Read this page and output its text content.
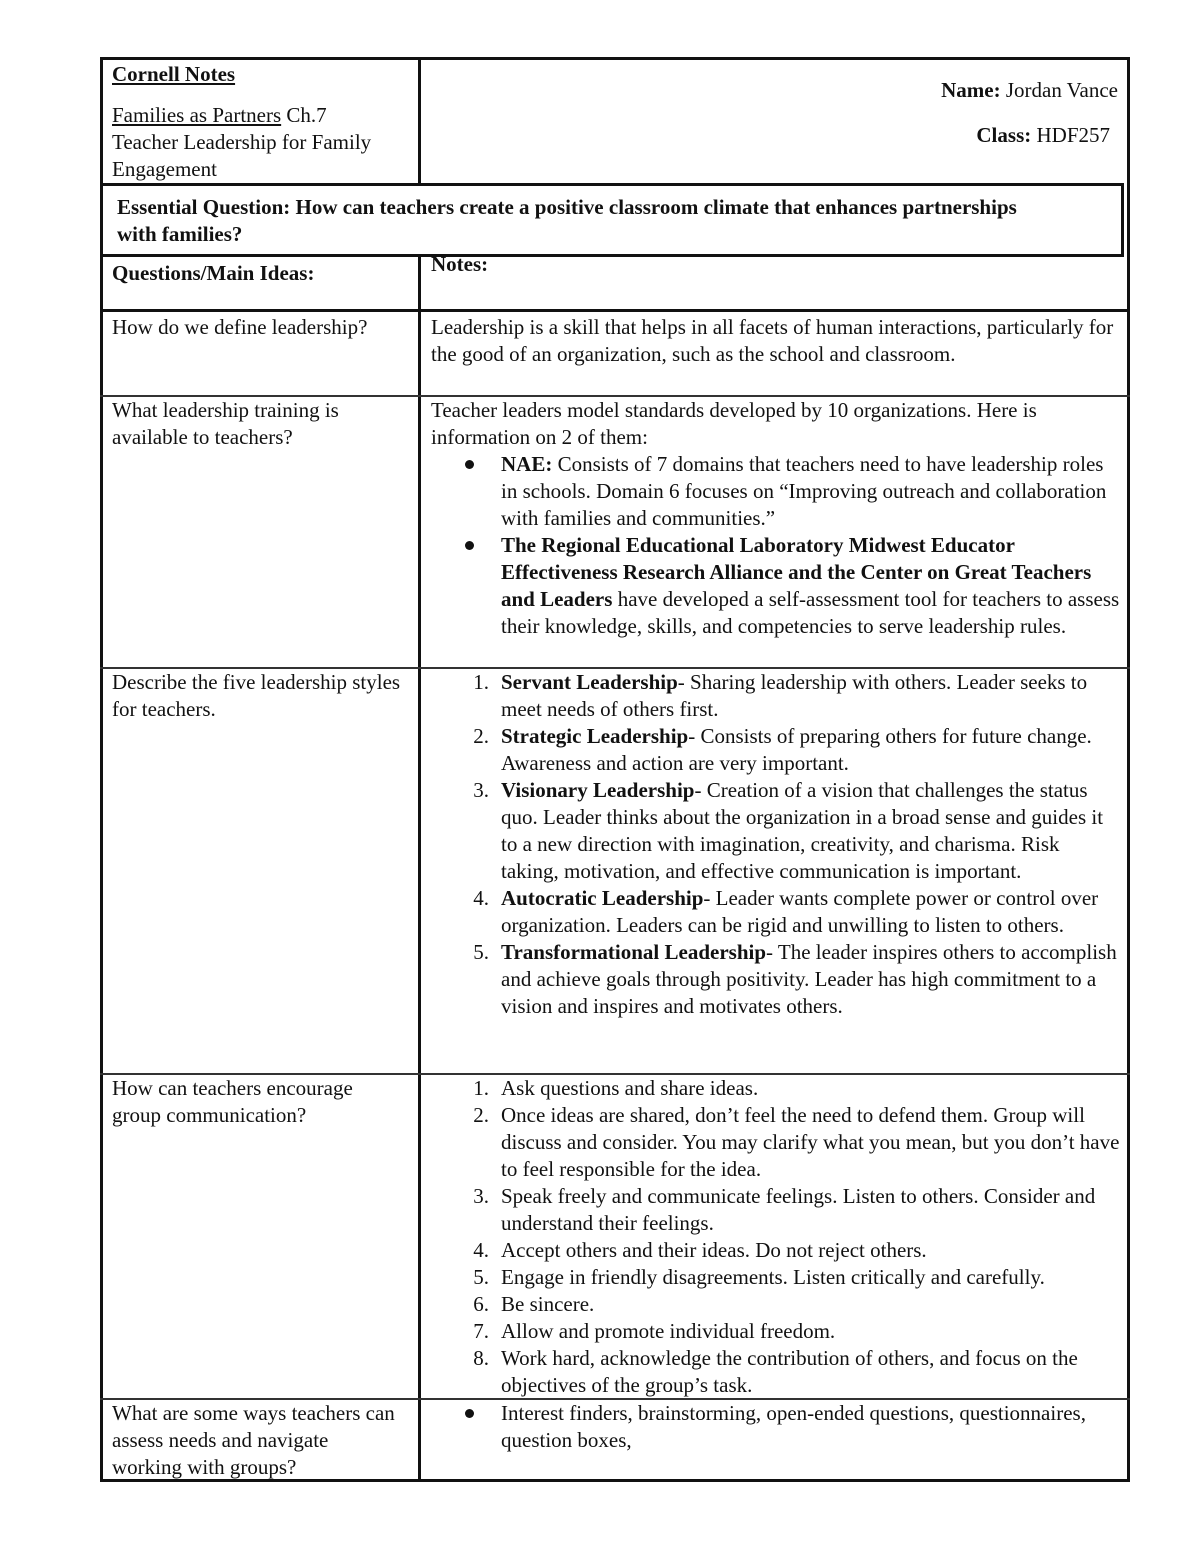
Cornell Notes
Families as Partners Ch.7
Teacher Leadership for Family Engagement
Name: Jordan Vance
Class: HDF257
Essential Question: How can teachers create a positive classroom climate that enhances partnerships with families?
Questions/Main Ideas:	Notes:
How do we define leadership?	Leadership is a skill that helps in all facets of human interactions, particularly for the good of an organization, such as the school and classroom.
What leadership training is available to teachers?
Teacher leaders model standards developed by 10 organizations. Here is information on 2 of them:
NAE: Consists of 7 domains that teachers need to have leadership roles in schools. Domain 6 focuses on “Improving outreach and collaboration with families and communities.”
The Regional Educational Laboratory Midwest Educator Effectiveness Research Alliance and the Center on Great Teachers and Leaders have developed a self-assessment tool for teachers to assess their knowledge, skills, and competencies to serve leadership rules.
Describe the five leadership styles for teachers.
1. Servant Leadership- Sharing leadership with others. Leader seeks to meet needs of others first.
2. Strategic Leadership- Consists of preparing others for future change. Awareness and action are very important.
3. Visionary Leadership- Creation of a vision that challenges the status quo. Leader thinks about the organization in a broad sense and guides it to a new direction with imagination, creativity, and charisma. Risk taking, motivation, and effective communication is important.
4. Autocratic Leadership- Leader wants complete power or control over organization. Leaders can be rigid and unwilling to listen to others.
5. Transformational Leadership- The leader inspires others to accomplish and achieve goals through positivity. Leader has high commitment to a vision and inspires and motivates others.
How can teachers encourage group communication?
1. Ask questions and share ideas.
2. Once ideas are shared, don’t feel the need to defend them. Group will discuss and consider. You may clarify what you mean, but you don’t have to feel responsible for the idea.
3. Speak freely and communicate feelings. Listen to others. Consider and understand their feelings.
4. Accept others and their ideas. Do not reject others.
5. Engage in friendly disagreements. Listen critically and carefully.
6. Be sincere.
7. Allow and promote individual freedom.
8. Work hard, acknowledge the contribution of others, and focus on the objectives of the group’s task.
What are some ways teachers can assess needs and navigate working with groups?
Interest finders, brainstorming, open-ended questions, questionnaires, question boxes,
